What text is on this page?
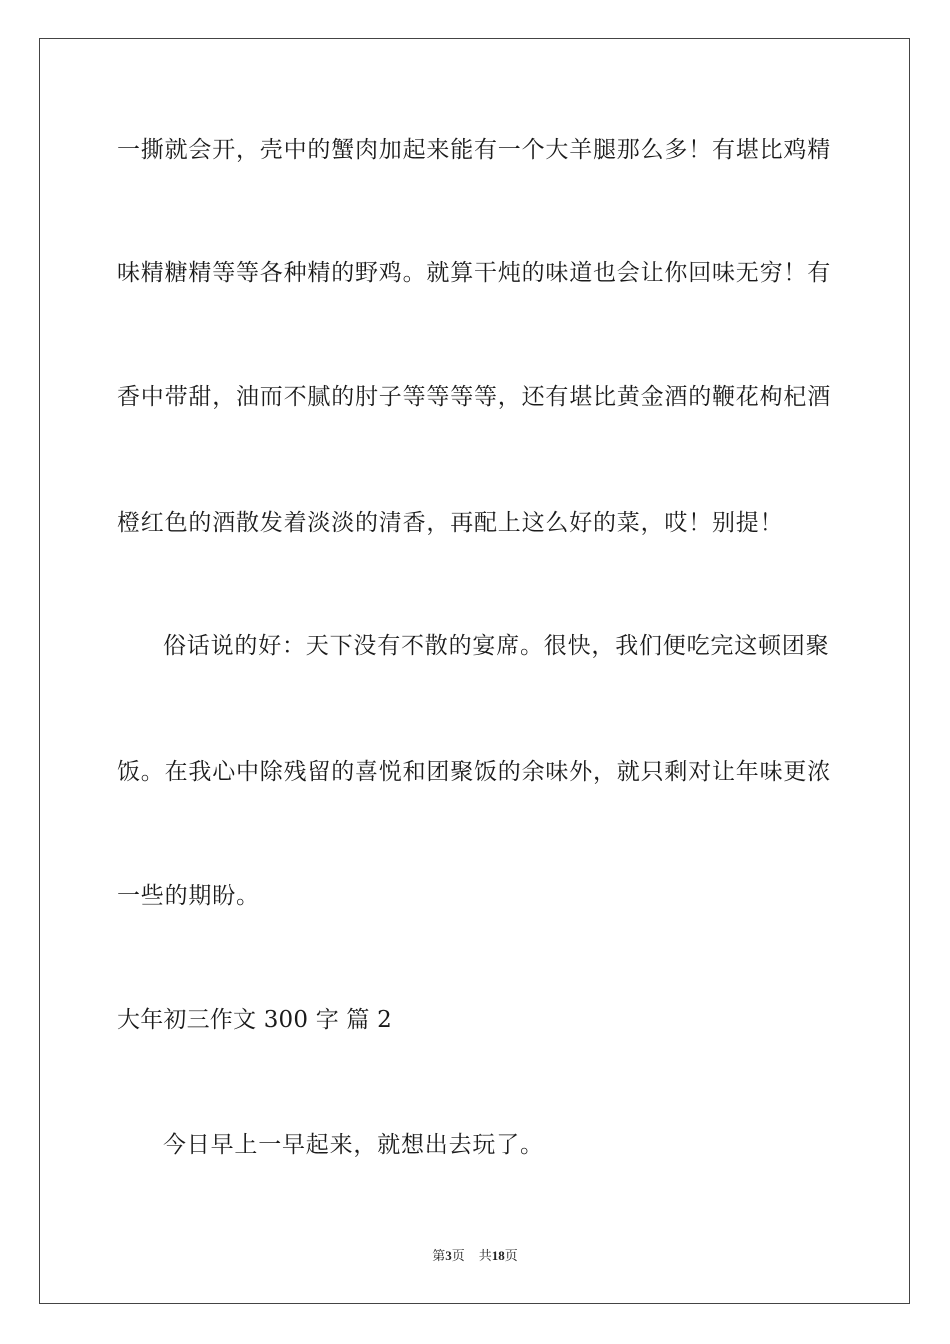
一撕就会开，壳中的蟹肉加起来能有一个大羊腿那么多！有堪比鸡精
味精糖精等等各种精的野鸡。就算干炖的味道也会让你回味无穷！有
香中带甜，油而不腻的肘子等等等等，还有堪比黄金酒的鞭花枸杞酒
橙红色的酒散发着淡淡的清香，再配上这么好的菜，哎！别提！
俗话说的好：天下没有不散的宴席。很快，我们便吃完这顿团聚
饭。在我心中除残留的喜悦和团聚饭的余味外，就只剩对让年味更浓
一些的期盼。
大年初三作文 300 字 篇 2
今日早上一早起来，就想出去玩了。
第3页 共18页
